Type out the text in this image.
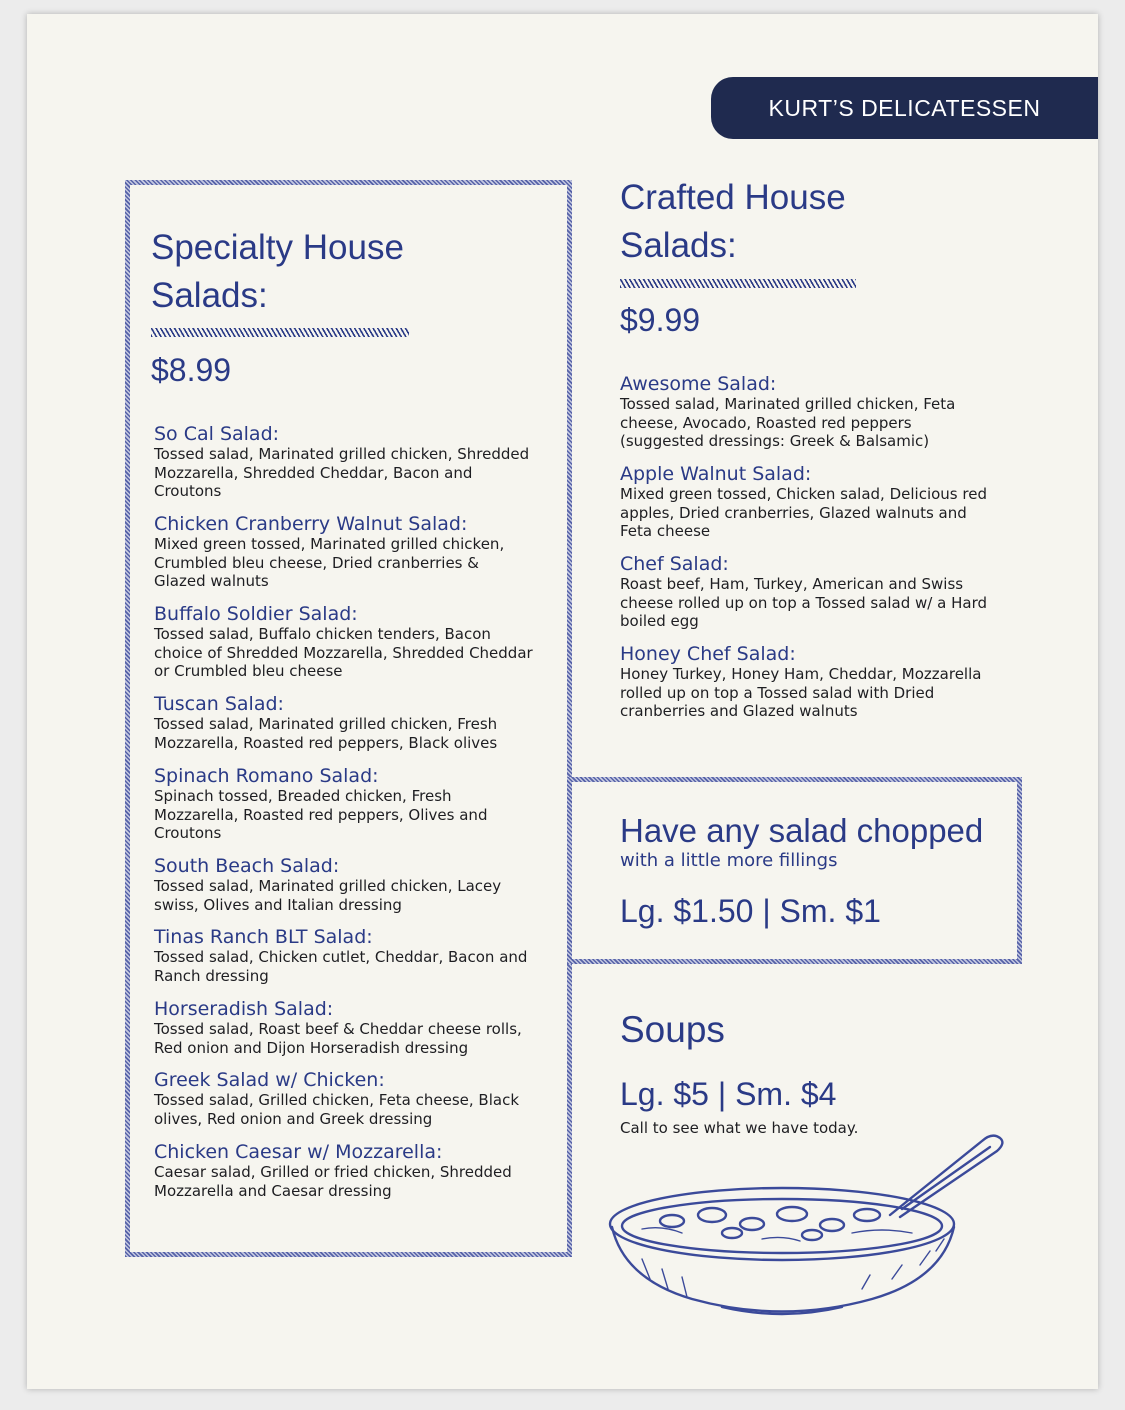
KURT’S DELICATESSEN
Specialty House
Salads:
$8.99
So Cal Salad:
Tossed salad, Marinated grilled chicken, Shredded Mozzarella, Shredded Cheddar, Bacon and Croutons
Chicken Cranberry Walnut Salad:
Mixed green tossed, Marinated grilled chicken, Crumbled bleu cheese, Dried cranberries & Glazed walnuts
Buffalo Soldier Salad:
Tossed salad, Buffalo chicken tenders, Bacon choice of Shredded Mozzarella, Shredded Cheddar or Crumbled bleu cheese
Tuscan Salad:
Tossed salad, Marinated grilled chicken, Fresh Mozzarella, Roasted red peppers, Black olives
Spinach Romano Salad:
Spinach tossed, Breaded chicken, Fresh Mozzarella, Roasted red peppers, Olives and Croutons
South Beach Salad:
Tossed salad, Marinated grilled chicken, Lacey swiss, Olives and Italian dressing
Tinas Ranch BLT Salad:
Tossed salad, Chicken cutlet, Cheddar, Bacon and Ranch dressing
Horseradish Salad:
Tossed salad, Roast beef & Cheddar cheese rolls, Red onion and Dijon Horseradish dressing
Greek Salad w/ Chicken:
Tossed salad, Grilled chicken, Feta cheese, Black olives, Red onion and Greek dressing
Chicken Caesar w/ Mozzarella:
Caesar salad, Grilled or fried chicken, Shredded Mozzarella and Caesar dressing
Crafted House
Salads:
$9.99
Awesome Salad:
Tossed salad, Marinated grilled chicken, Feta cheese, Avocado, Roasted red peppers (suggested dressings: Greek & Balsamic)
Apple Walnut Salad:
Mixed green tossed, Chicken salad, Delicious red apples, Dried cranberries, Glazed walnuts and Feta cheese
Chef Salad:
Roast beef, Ham, Turkey, American and Swiss cheese rolled up on top a Tossed salad w/ a Hard boiled egg
Honey Chef Salad:
Honey Turkey, Honey Ham, Cheddar, Mozzarella rolled up on top a Tossed salad with Dried cranberries and Glazed walnuts
Have any salad chopped
with a little more fillings
Lg. $1.50 | Sm. $1
Soups
Lg. $5 | Sm. $4
Call to see what we have today.
